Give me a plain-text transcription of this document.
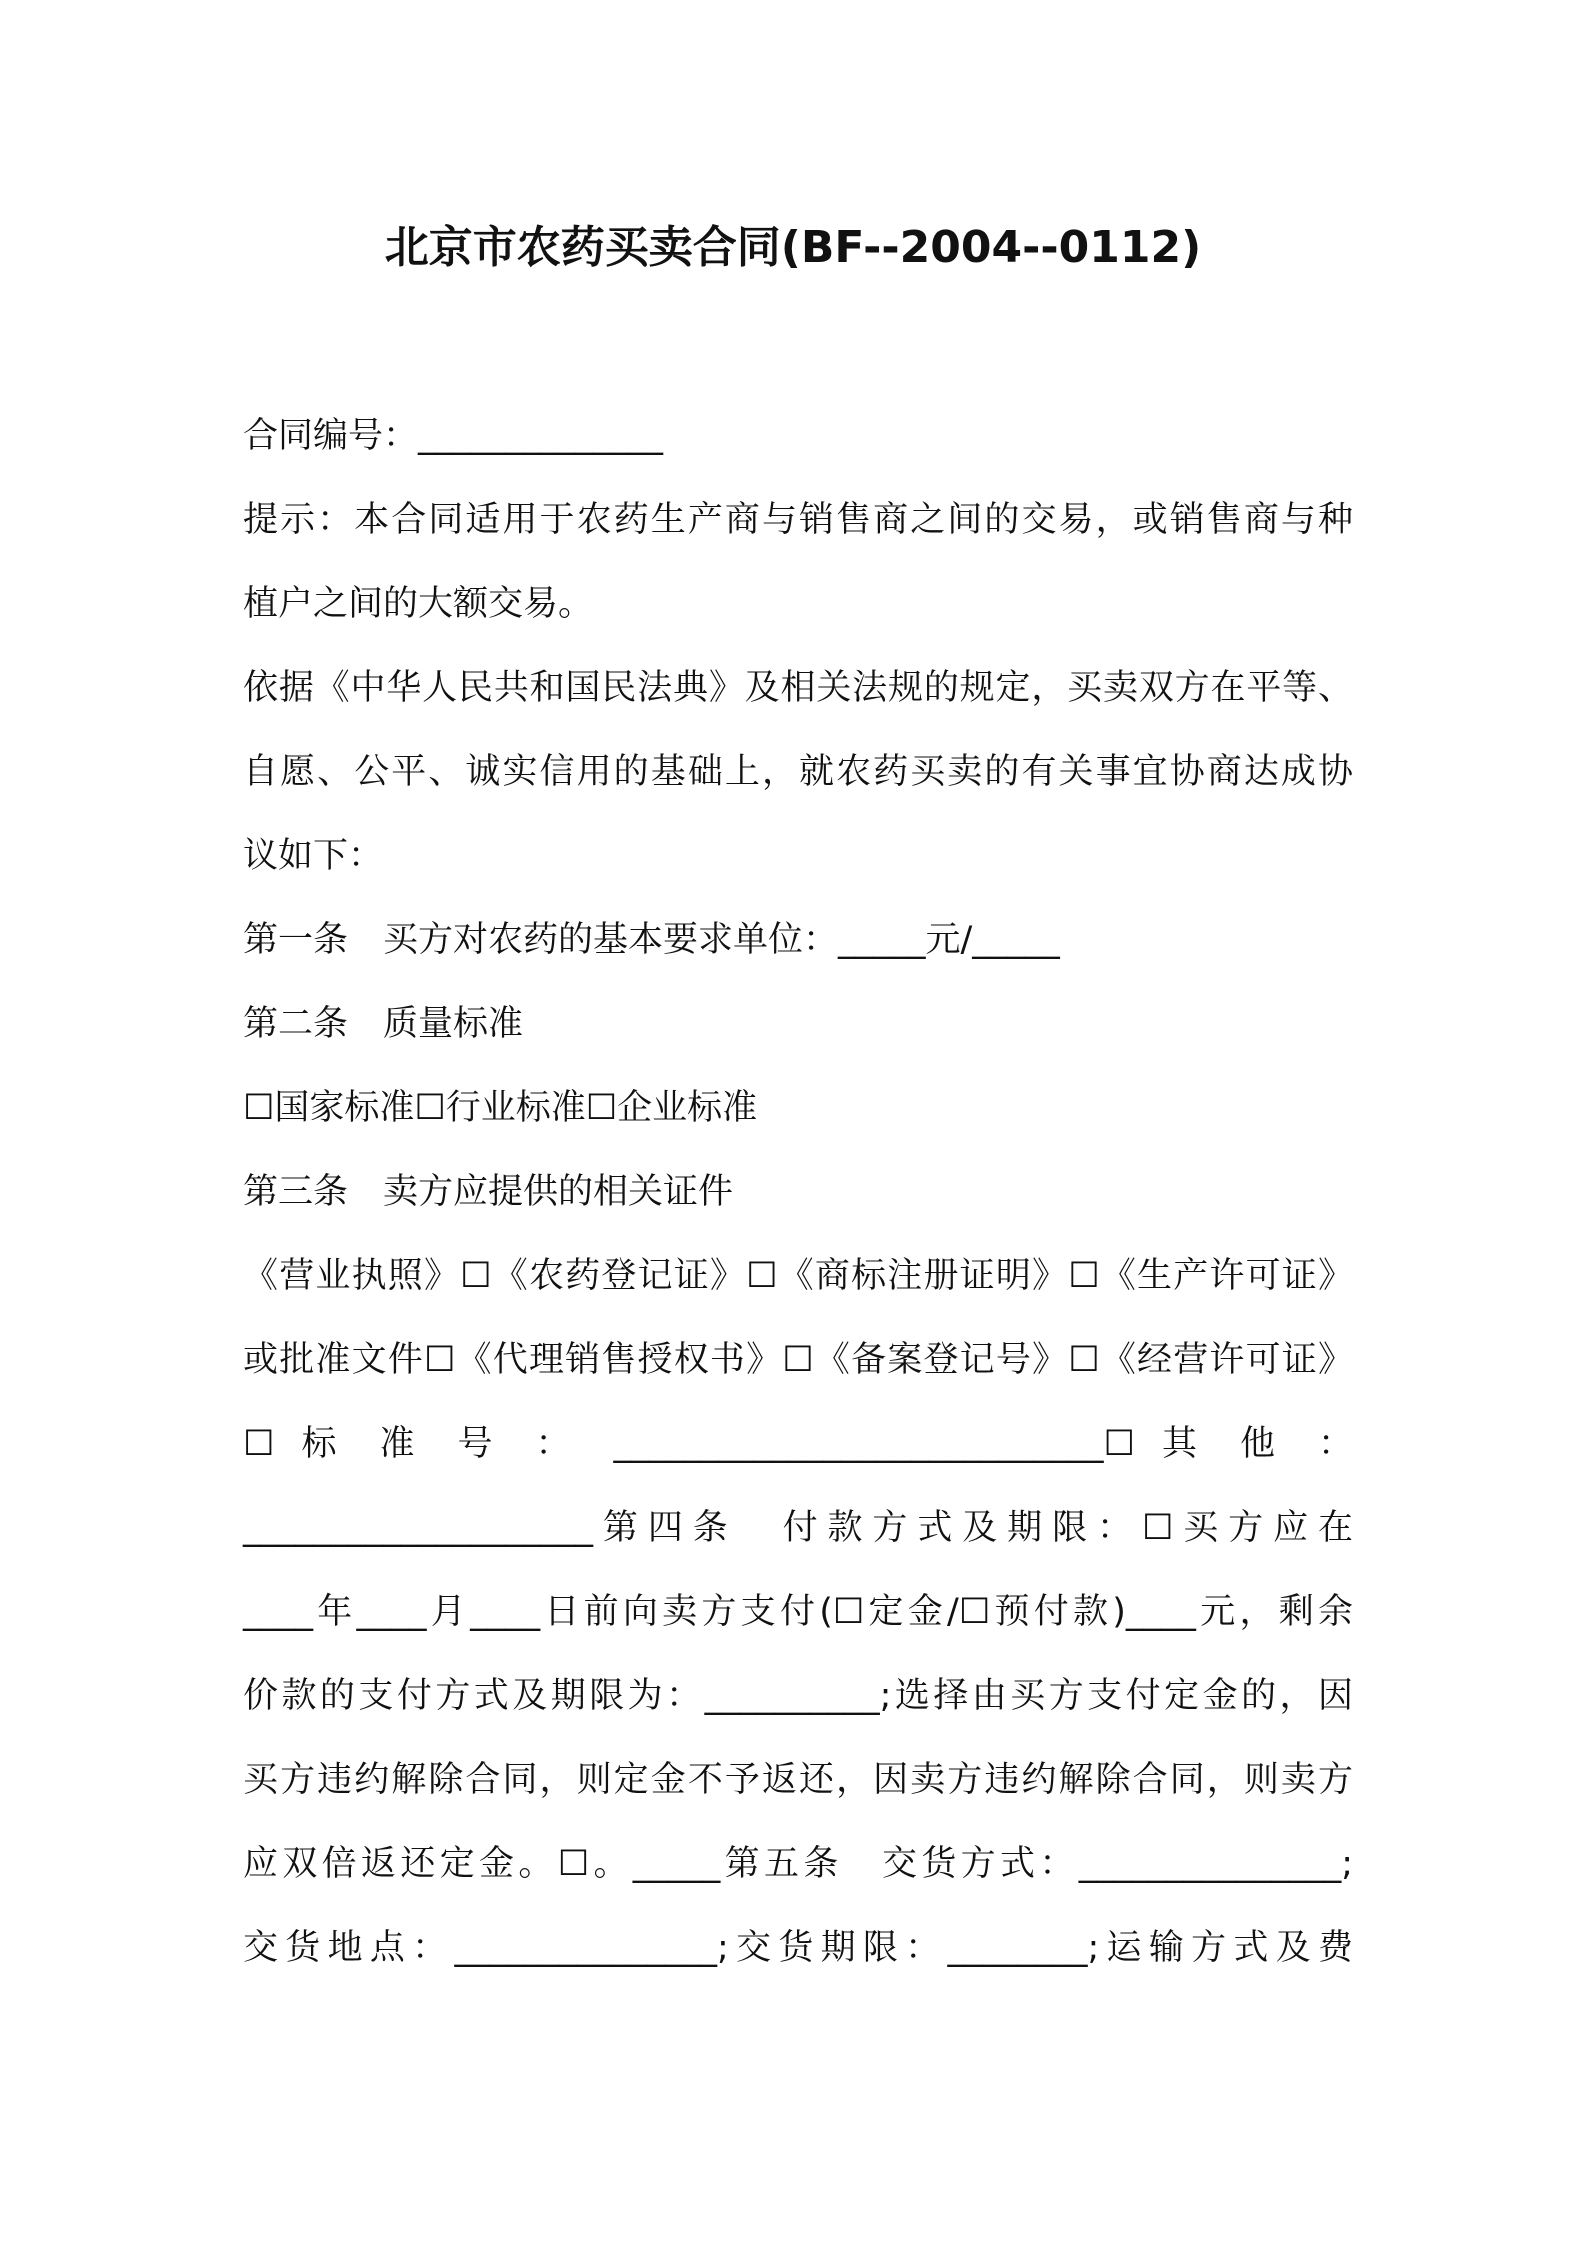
北京市农药买卖合同(BF--2004--0112)
合同编号：______________
提示：本合同适用于农药生产商与销售商之间的交易，或销售商与种
植户之间的大额交易。
依据《中华人民共和国民法典》及相关法规的规定，买卖双方在平等、
自愿、公平、诚实信用的基础上，就农药买卖的有关事宜协商达成协
议如下：
第一条　买方对农药的基本要求单位：_____元/_____
第二条　质量标准
☐国家标准☐行业标准☐企业标准
第三条　卖方应提供的相关证件
《营业执照》☐《农药登记证》☐《商标注册证明》☐《生产许可证》
或批准文件☐《代理销售授权书》☐《备案登记号》☐《经营许可证》
☐ 标 准 号 ： ____________________________☐ 其 他 ：
____________________第四条　付款方式及期限：☐买方应在
____年____月____日前向卖方支付(☐定金/☐预付款)____元，剩余
价款的支付方式及期限为：__________;选择由买方支付定金的，因
买方违约解除合同，则定金不予返还，因卖方违约解除合同，则卖方
应双倍返还定金。☐。_____第五条　交货方式：_______________;
交货地点：_______________;交货期限：________;运输方式及费
